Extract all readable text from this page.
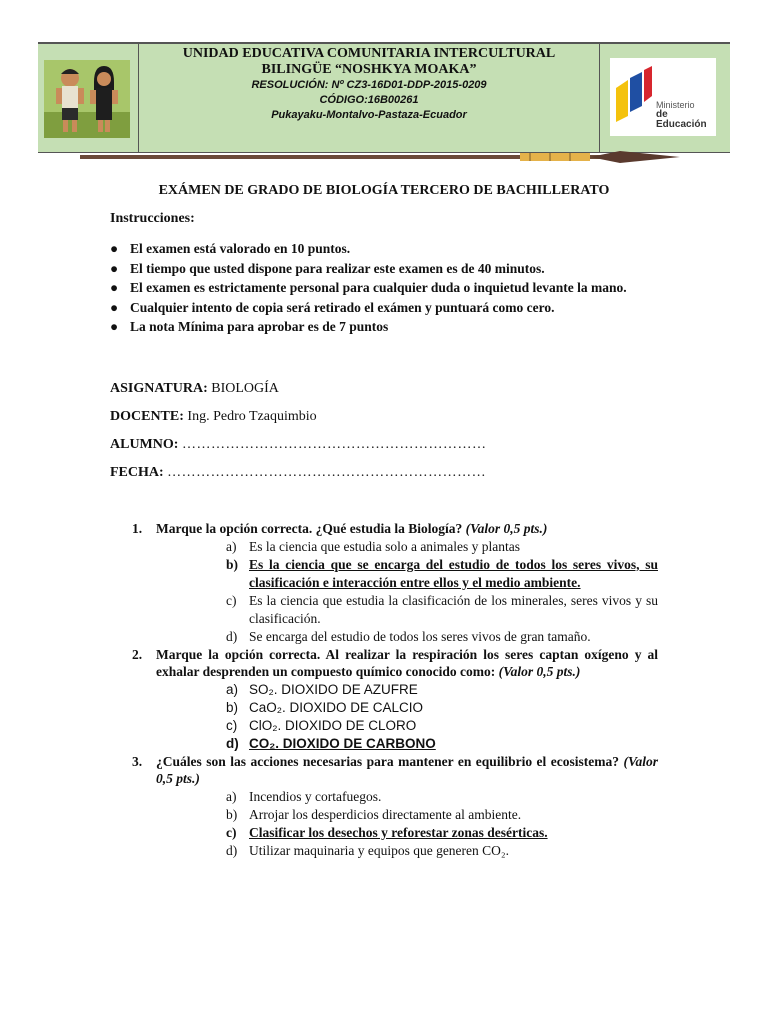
UNIDAD EDUCATIVA COMUNITARIA INTERCULTURAL
BILINGÜE “NOSHKYA MOAKA”
RESOLUCIÓN: Nº CZ3-16D01-DDP-2015-0209
CÓDIGO:16B00261
Pukayaku-Montalvo-Pastaza-Ecuador
Ministerio
de Educación
EXÁMEN DE GRADO DE BIOLOGÍA TERCERO DE BACHILLERATO
Instrucciones:
● El examen está valorado en 10 puntos.
● El tiempo que usted dispone para realizar este examen es de 40 minutos.
● El examen es estrictamente personal para cualquier duda o inquietud levante la mano.
● Cualquier intento de copia será retirado el exámen y puntuará como cero.
● La nota Mínima para aprobar es de 7 puntos
ASIGNATURA: BIOLOGÍA
DOCENTE: Ing. Pedro Tzaquimbio
ALUMNO: ………………………………………………………
FECHA: …………………………………………………………
1. Marque la opción correcta. ¿Qué estudia la Biología? (Valor 0,5 pts.)
a) Es la ciencia que estudia solo a animales y plantas
b) Es la ciencia que se encarga del estudio de todos los seres vivos, su clasificación e interacción entre ellos y el medio ambiente.
c) Es la ciencia que estudia la clasificación de los minerales, seres vivos y su clasificación.
d) Se encarga del estudio de todos los seres vivos de gran tamaño.
2. Marque la opción correcta. Al realizar la respiración los seres captan oxígeno y al exhalar desprenden un compuesto químico conocido como: (Valor 0,5 pts.)
a) SO₂. DIOXIDO DE AZUFRE
b) CaO₂. DIOXIDO DE CALCIO
c) ClO₂. DIOXIDO DE CLORO
d) CO₂. DIOXIDO DE CARBONO
3. ¿Cuáles son las acciones necesarias para mantener en equilibrio el ecosistema? (Valor 0,5 pts.)
a) Incendios y cortafuegos.
b) Arrojar los desperdicios directamente al ambiente.
c) Clasificar los desechos y reforestar zonas desérticas.
d) Utilizar maquinaria y equipos que generen CO₂.
